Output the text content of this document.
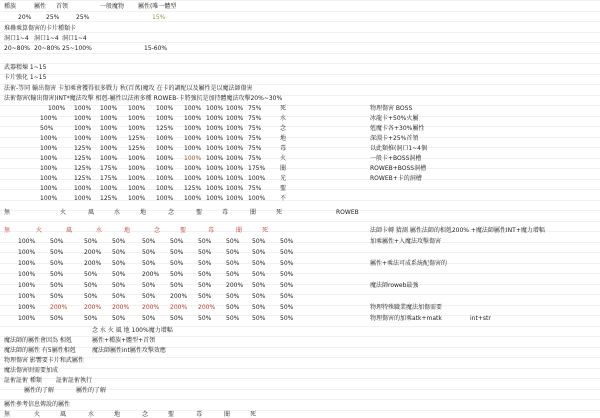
種族	屬性 首領	一般魔物 屬性(唯一體型
20% 25%	25%	15%
堆疊乘算傷害的卡片種類卡
洞口1~4 洞口1~4 洞口1~4
20~80% 20~80% 25~100%	15-60%
武器精煉 1~15
卡片強化 1~15
法術-等同 輸出傷害 卡加乘會獲得很多戰力 秋(百萬)魔攻 在卡的調配以及屬性是以魔法師傷害
法術傷害(輸出傷害)INT*魔法攻擊 相剋-屬性以法術多種 ROWEB-卡將強抗是加持體魔法攻擊20%~30%
100% 100% 100% 100% 100% 100% 100% 100% 75%	死	物理傷害 BOSS
100%	100% 100% 100% 100% 100% 100% 100% 75%	水	冰龍卡+50%火屬
50%	100% 100% 100% 125% 100% 100% 100% 75%	念	剋魔卡各+30%屬性
100%	100% 100% 125% 100% 100% 100% 100% 75%	地	深淵卡+25%首領
100%	125% 100% 125% 100% 100% 100% 100% 75%	毒	以此類推(洞口1~4個
100%	125% 100% 100% 100% 100% 100% 100% 75%	火	一般卡+BOSS洞槽
100%	125% 175% 100% 100% 100% 100% 100% 175% 闇	ROWEB+BOSS洞槽
100%	125% 175% 100% 100% 100% 100% 100% 100% 光	ROWEB+卡的洞槽
100%	100% 100% 100% 100% 125% 100% 100% 75%	聖
100%	100% 125% 100% 100% 100% 100% 100% 100% 不
無	火	風	水	地	念	聖	毒	闇	死	ROWEB
無	火	風	水	地	念	聖	毒	闇	死	法師卡轉 猜測 屬性法師的相剋200% +魔法師屬性INT+魔力增幅
100% 50%	50% 50%	50% 50% 50% 50% 50% 50%	加乘屬性+入魔法攻擊傷害
100% 50%	200% 50%	50% 50% 50% 50% 50% 50%
100% 50%	200% 50%	50% 50% 50% 50% 50% 50%	屬性+乘法可成系統配傷害的
100% 50%	50% 50%	200% 50% 50% 50% 50% 50%
100% 50%	50% 50%	50% 50% 50% 200% 50% 50%	魔法師roweb最強
100% 50%	50% 50%	50% 200% 50% 50% 50% 50%
100% 200%	200% 200% 200% 200% 200% 50% 50% 50%	物理特殊職業魔法加傷需要
100% 50%	50% 50%	50% 50% 50% 50% 50% 50%	物理傷害的加乘atk+matk	int+str
念 水 火 風 地 100%魔力增幅
魔法師的屬性會因為 相剋	屬性+種族+體型+首領
魔法師的屬性 有5屬性相剋	魔法師屬性int屬性攻擊效應
物理傷害 影響要卡片和武屬性
魔法傷害則需要加成
証術証術 種類 証術証術執行
屬性的了解	屬性的了解
屬性參考信息傳說的屬性
無	火	風	水	地	念	聖	毒	闇	死
